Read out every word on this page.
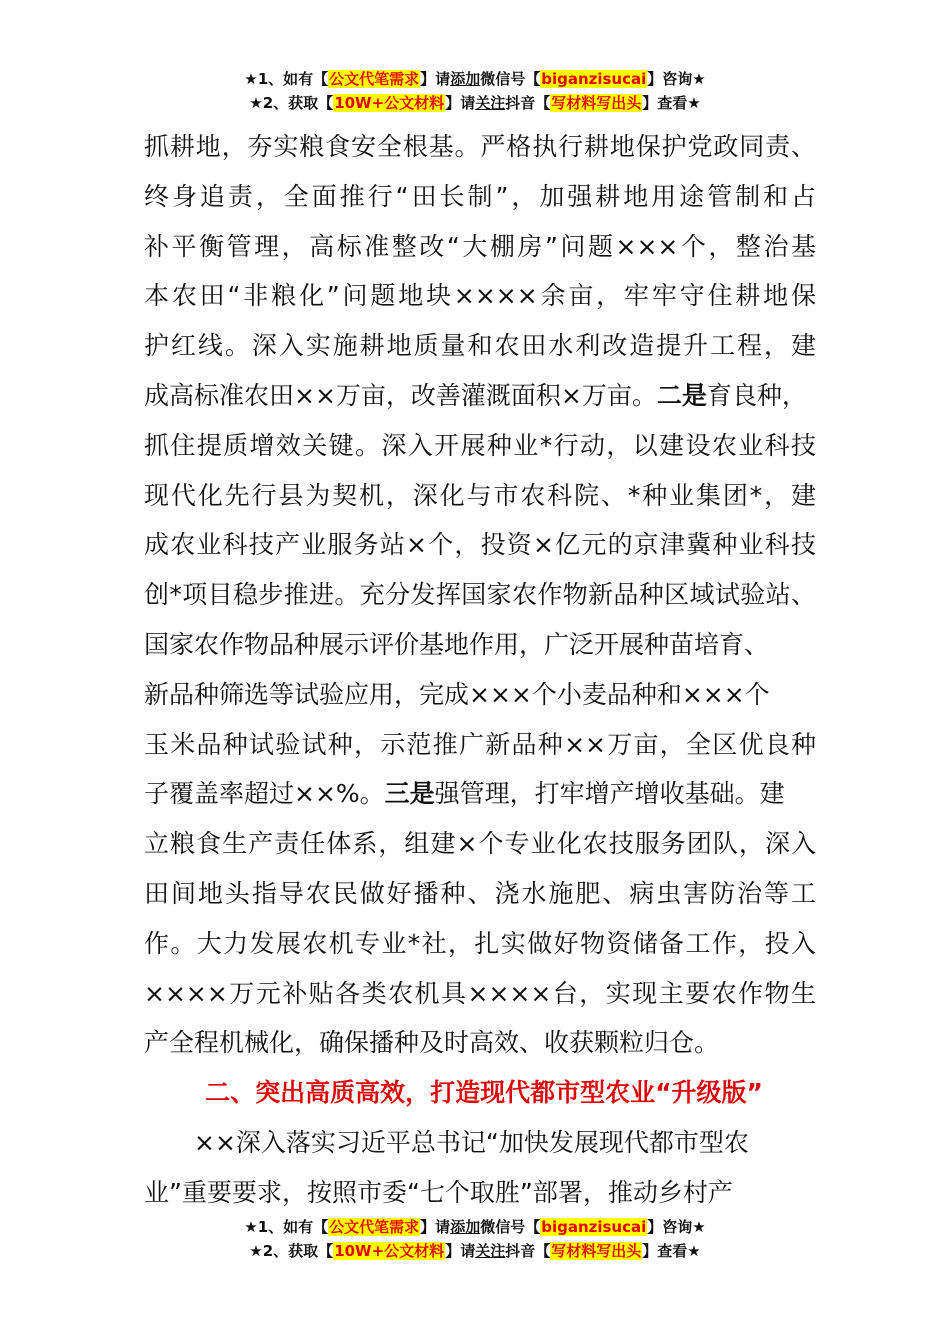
★1、如有【公文代笔需求】请添加微信号【biganzisucai】咨询★
★2、获取【10W+公文材料】请关注抖音【写材料写出头】查看★
抓耕地，夯实粮食安全根基。严格执行耕地保护党政同责、
终身追责，全面推行“田长制”，加强耕地用途管制和占
补平衡管理，高标准整改“大棚房”问题×××个，整治基
本农田“非粮化”问题地块××××余亩，牢牢守住耕地保
护红线。深入实施耕地质量和农田水利改造提升工程，建
成高标准农田××万亩，改善灌溉面积×万亩。二是育良种，
抓住提质增效关键。深入开展种业*行动，以建设农业科技
现代化先行县为契机，深化与市农科院、*种业集团*，建
成农业科技产业服务站×个，投资×亿元的京津冀种业科技
创*项目稳步推进。充分发挥国家农作物新品种区域试验站、
国家农作物品种展示评价基地作用，广泛开展种苗培育、
新品种筛选等试验应用，完成×××个小麦品种和×××个
玉米品种试验试种，示范推广新品种××万亩，全区优良种
子覆盖率超过××%。三是强管理，打牢增产增收基础。建
立粮食生产责任体系，组建×个专业化农技服务团队，深入
田间地头指导农民做好播种、浇水施肥、病虫害防治等工
作。大力发展农机专业*社，扎实做好物资储备工作，投入
××××万元补贴各类农机具××××台，实现主要农作物生
产全程机械化，确保播种及时高效、收获颗粒归仓。
二、突出高质高效，打造现代都市型农业“升级版”
××深入落实习近平总书记“加快发展现代都市型农
业”重要要求，按照市委“七个取胜”部署，推动乡村产
★1、如有【公文代笔需求】请添加微信号【biganzisucai】咨询★
★2、获取【10W+公文材料】请关注抖音【写材料写出头】查看★
